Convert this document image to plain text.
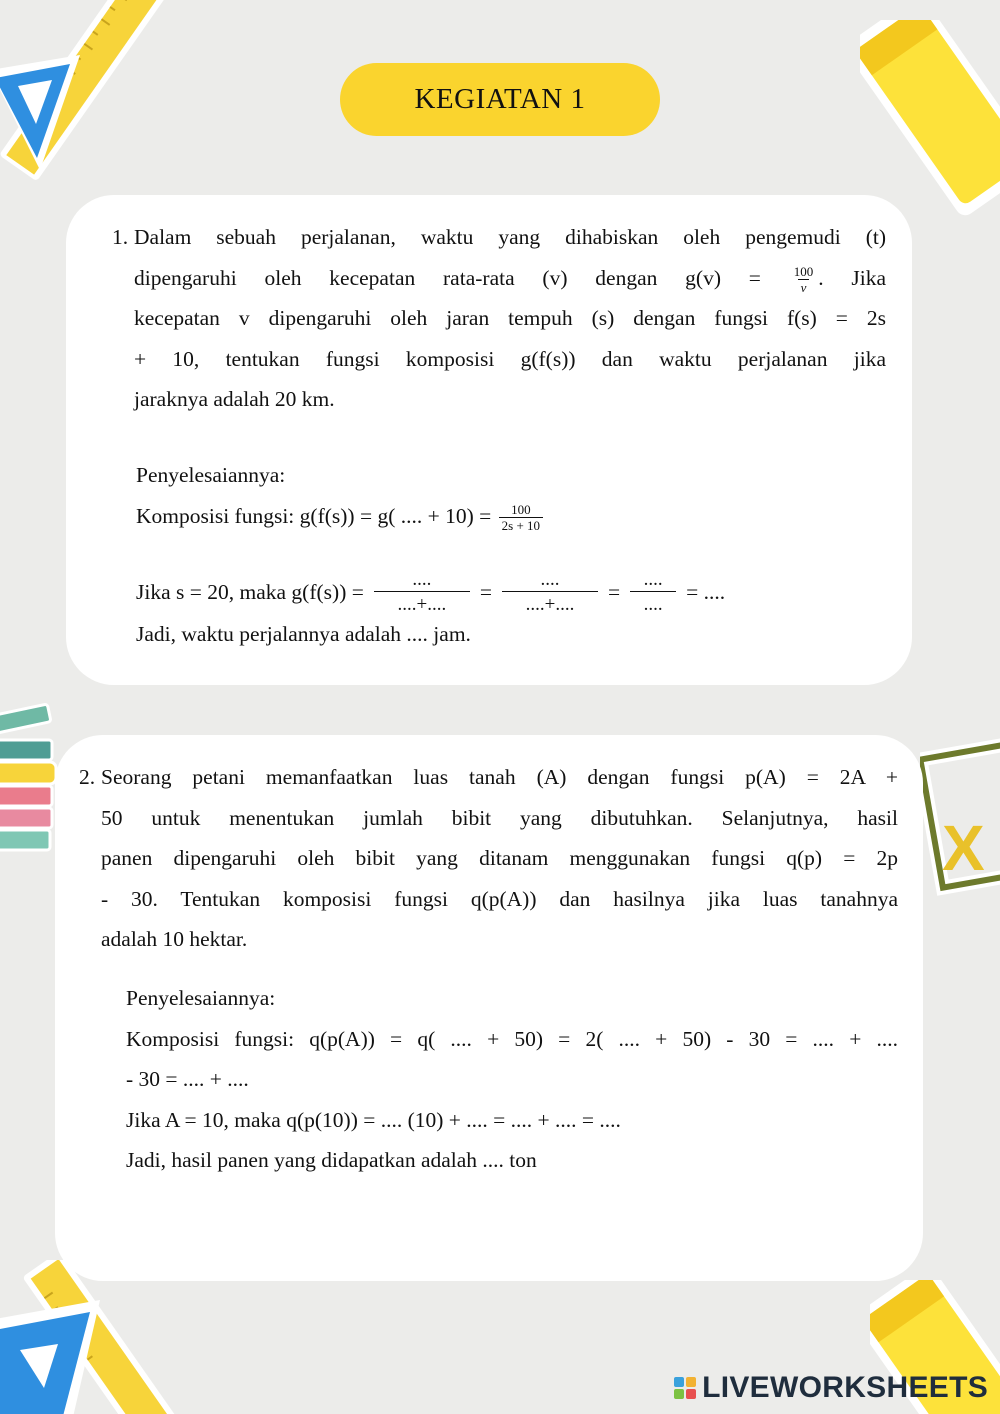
X
KEGIATAN 1
1. Dalam sebuah perjalanan, waktu yang dihabiskan oleh pengemudi (t)
dipengaruhi oleh kecepatan rata-rata (v) dengan $g(v) = \frac{100}{v}$ . Jika
kecepatan v dipengaruhi oleh jaran tempuh (s) dengan fungsi f(s) = 2s
+ 10, tentukan fungsi komposisi g(f(s)) dan waktu perjalanan jika
jaraknya adalah 20 km.
Penyelesaiannya:
Komposisi fungsi: g(f(s)) = g( .... + $10) = \frac{100}{2s + 10}$
Jika s = 20, maka $g(f(s)) = \frac{....}{....+....} = \frac{....}{....+....} = \frac{....}{....}$ = ....
Jadi, waktu perjalannya adalah .... jam.
2. Seorang petani memanfaatkan luas tanah (A) dengan fungsi p(A) = 2A +
50 untuk menentukan jumlah bibit yang dibutuhkan. Selanjutnya, hasil
panen dipengaruhi oleh bibit yang ditanam menggunakan fungsi q(p) = 2p
- 30. Tentukan komposisi fungsi q(p(A)) dan hasilnya jika luas tanahnya
adalah 10 hektar.
Penyelesaiannya:
Komposisi fungsi: q(p(A)) = q( .... + 50) = 2( .... + 50) - 30 = .... + ....
- 30 = .... + ....
Jika A = 10, maka q(p(10)) = .... (10) + .... = .... + .... = ....
Jadi, hasil panen yang didapatkan adalah .... ton
LIVEWORKSHEETS
